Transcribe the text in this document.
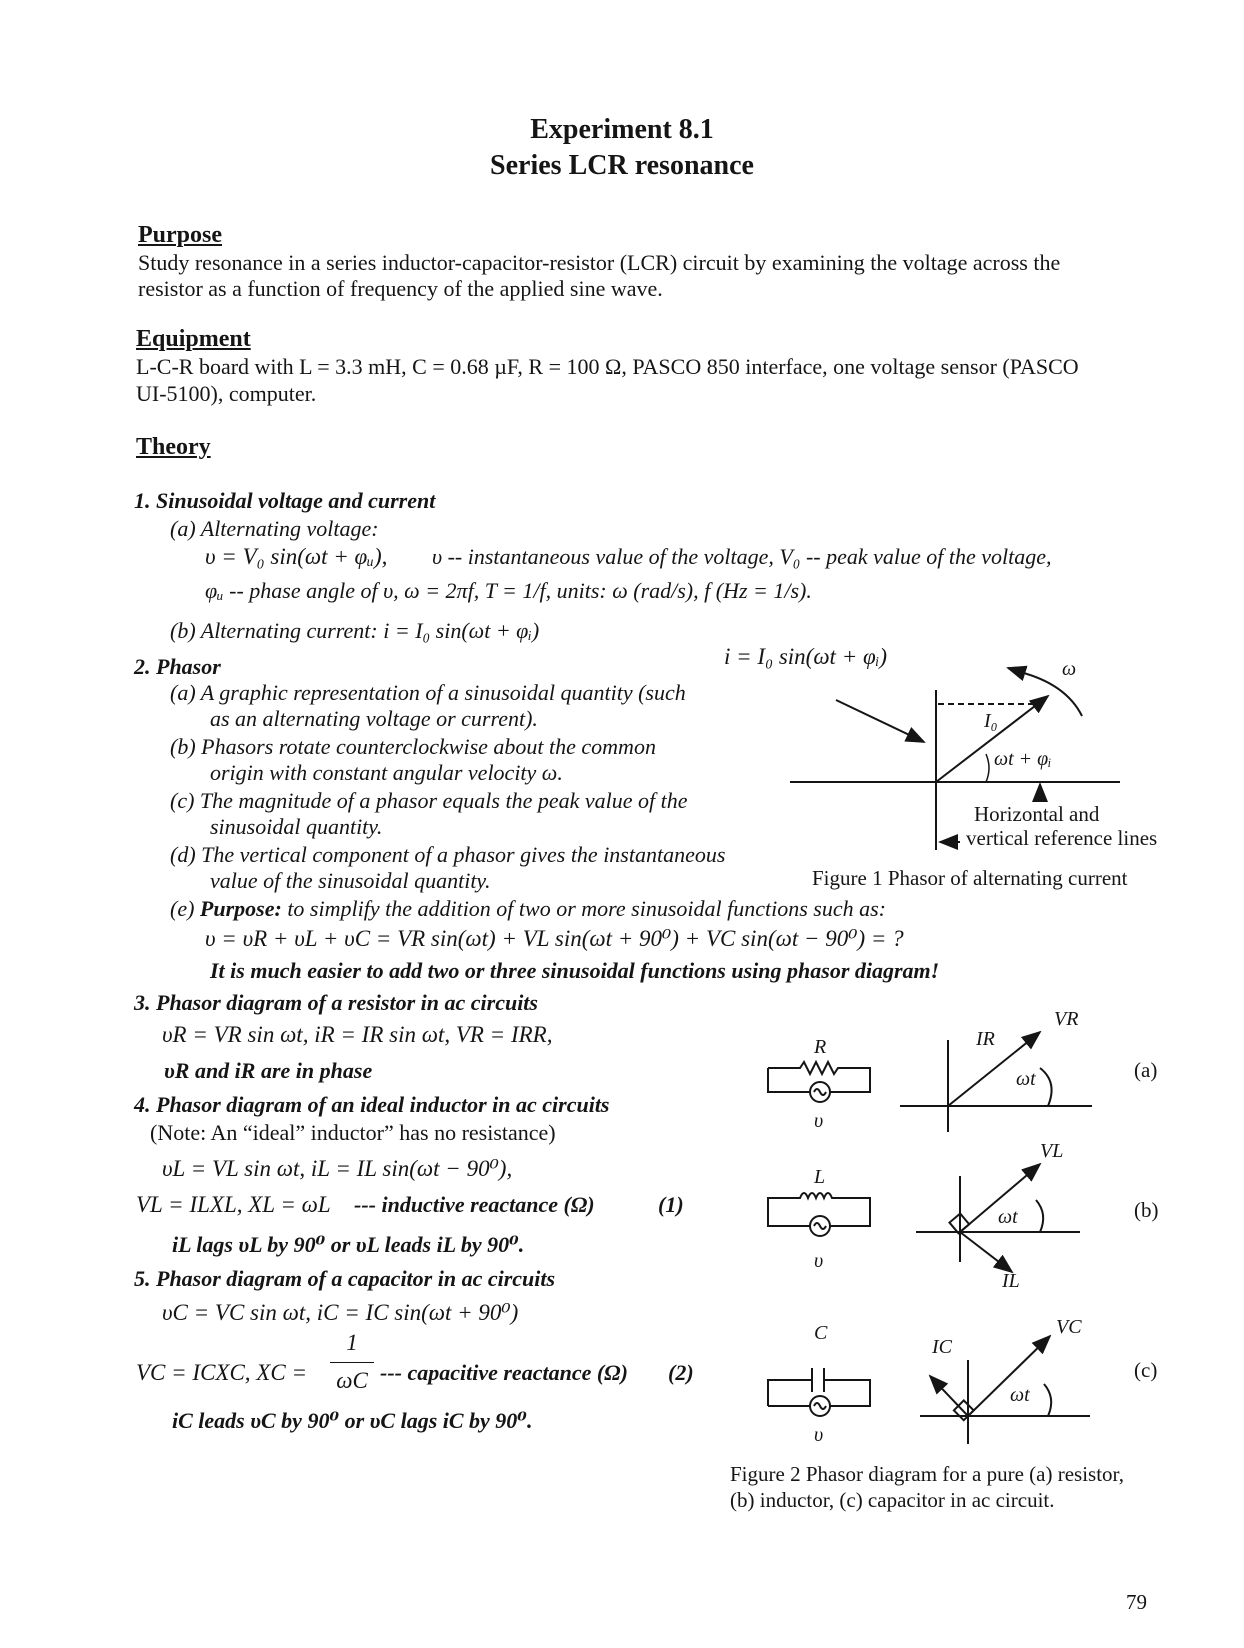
Experiment 8.1
Series LCR resonance
Purpose
Study resonance in a series inductor-capacitor-resistor (LCR) circuit by examining the voltage across the
resistor as a function of frequency of the applied sine wave.
Equipment
L-C-R board with L = 3.3 mH, C = 0.68 µF, R = 100 Ω, PASCO 850 interface, one voltage sensor (PASCO
UI-5100), computer.
Theory
1. Sinusoidal voltage and current
(a) Alternating voltage:
υ = V₀ sin(ωt + φᵤ), υ -- instantaneous value of the voltage, V₀ -- peak value of the voltage,
φᵤ -- phase angle of υ, ω = 2πf, T = 1/f, units: ω (rad/s), f (Hz = 1/s).
(b) Alternating current: i = I₀ sin(ωt + φᵢ)
2. Phasor
(a) A graphic representation of a sinusoidal quantity (such
as an alternating voltage or current).
(b) Phasors rotate counterclockwise about the common
origin with constant angular velocity ω.
(c) The magnitude of a phasor equals the peak value of the
sinusoidal quantity.
(d) The vertical component of a phasor gives the instantaneous
value of the sinusoidal quantity.
(e) Purpose: to simplify the addition of two or more sinusoidal functions such as:
υ = υR + υL + υC = VR sin(ωt) + VL sin(ωt + 90⁰) + VC sin(ωt − 90⁰) = ?
It is much easier to add two or three sinusoidal functions using phasor diagram!
3. Phasor diagram of a resistor in ac circuits
υR = VR sin ωt, iR = IR sin ωt, VR = IRR,
υR and iR are in phase
4. Phasor diagram of an ideal inductor in ac circuits
(Note: An “ideal” inductor” has no resistance)
υL = VL sin ωt, iL = IL sin(ωt − 90⁰),
VL = ILXL, XL = ωL --- inductive reactance (Ω)	(1)
iL lags υL by 90⁰ or υL leads iL by 90⁰.
5. Phasor diagram of a capacitor in ac circuits
υC = VC sin ωt, iC = IC sin(ωt + 90⁰)
VC = ICXC, XC =
1
ωC --- capacitive reactance (Ω) (2)
iC leads υC by 90⁰ or υC lags iC by 90⁰.
i = I₀ sin(ωt + φᵢ)	ω
I₀
ωt + φᵢ
Horizontal and
vertical reference lines
Figure 1 Phasor of alternating current
R
υ
VR
IR
ωt	(a)
L
υ
VL
IL
ωt	(b)
C
υ
VC
IC
ωt
(c)
Figure 2 Phasor diagram for a pure (a) resistor,
(b) inductor, (c) capacitor in ac circuit.
79
